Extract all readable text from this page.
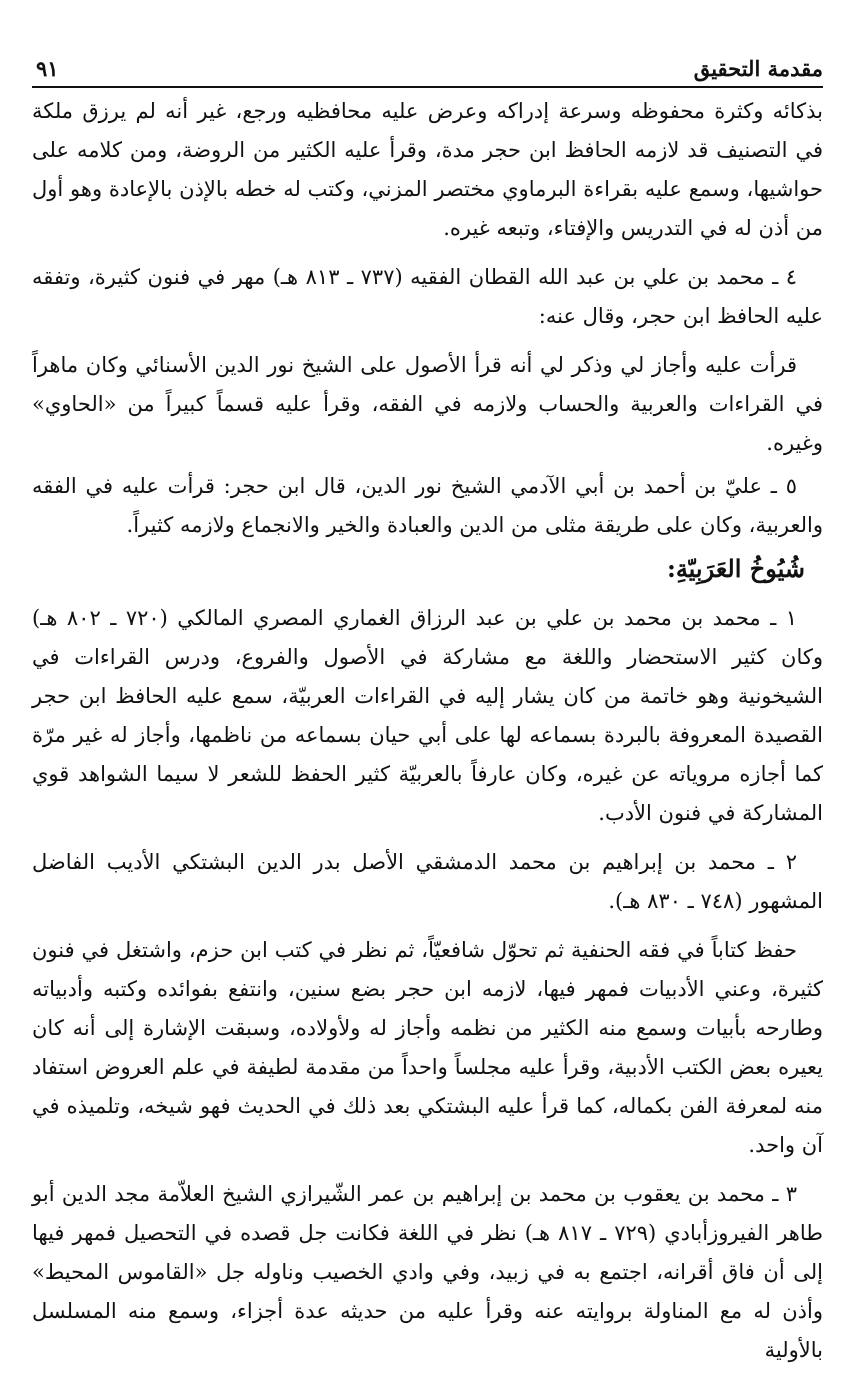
مقدمة التحقيق
٩١

بذكائه وكثرة محفوظه وسرعة إدراكه وعرض عليه محافظيه ورجع، غير أنه لم يرزق ملكة في التصنيف قد لازمه الحافظ ابن حجر مدة، وقرأ عليه الكثير من الروضة، ومن كلامه على حواشيها، وسمع عليه بقراءة البرماوي مختصر المزني، وكتب له خطه بالإذن بالإعادة وهو أول من أذن له في التدريس والإفتاء، وتبعه غيره.

٤ ـ محمد بن علي بن عبد الله القطان الفقيه (٧٣٧ ـ ٨١٣ هـ) مهر في فنون كثيرة، وتفقه عليه الحافظ ابن حجر، وقال عنه:

قرأت عليه وأجاز لي وذكر لي أنه قرأ الأصول على الشيخ نور الدين الأسنائي وكان ماهراً في القراءات والعربية والحساب ولازمه في الفقه، وقرأ عليه قسماً كبيراً من «الحاوي» وغيره.

٥ ـ عليّ بن أحمد بن أبي الآدمي الشيخ نور الدين، قال ابن حجر: قرأت عليه في الفقه والعربية، وكان على طريقة مثلى من الدين والعبادة والخير والانجماع ولازمه كثيراً.

شُيُوخُ العَرَبِيّةِ:

١ ـ محمد بن محمد بن علي بن عبد الرزاق الغماري المصري المالكي (٧٢٠ ـ ٨٠٢ هـ) وكان كثير الاستحضار واللغة مع مشاركة في الأصول والفروع، ودرس القراءات في الشيخونية وهو خاتمة من كان يشار إليه في القراءات العربيّة، سمع عليه الحافظ ابن حجر القصيدة المعروفة بالبردة بسماعه لها على أبي حيان بسماعه من ناظمها، وأجاز له غير مرّة كما أجازه مروياته عن غيره، وكان عارفاً بالعربيّة كثير الحفظ للشعر لا سيما الشواهد قوي المشاركة في فنون الأدب.

٢ ـ محمد بن إبراهيم بن محمد الدمشقي الأصل بدر الدين البشتكي الأديب الفاضل المشهور (٧٤٨ ـ ٨٣٠ هـ).

حفظ كتاباً في فقه الحنفية ثم تحوّل شافعيّاً، ثم نظر في كتب ابن حزم، واشتغل في فنون كثيرة، وعني الأدبيات فمهر فيها، لازمه ابن حجر بضع سنين، وانتفع بفوائده وكتبه وأدبياته وطارحه بأبيات وسمع منه الكثير من نظمه وأجاز له ولأولاده، وسبقت الإشارة إلى أنه كان يعيره بعض الكتب الأدبية، وقرأ عليه مجلساً واحداً من مقدمة لطيفة في علم العروض استفاد منه لمعرفة الفن بكماله، كما قرأ عليه البشتكي بعد ذلك في الحديث فهو شيخه، وتلميذه في آن واحد.

٣ ـ محمد بن يعقوب بن محمد بن إبراهيم بن عمر الشّيرازي الشيخ العلاّمة مجد الدين أبو طاهر الفيروزأبادي (٧٢٩ ـ ٨١٧ هـ) نظر في اللغة فكانت جل قصده في التحصيل فمهر فيها إلى أن فاق أقرانه، اجتمع به في زبيد، وفي وادي الخصيب وناوله جل «القاموس المحيط» وأذن له مع المناولة بروايته عنه وقرأ عليه من حديثه عدة أجزاء، وسمع منه المسلسل بالأولية
